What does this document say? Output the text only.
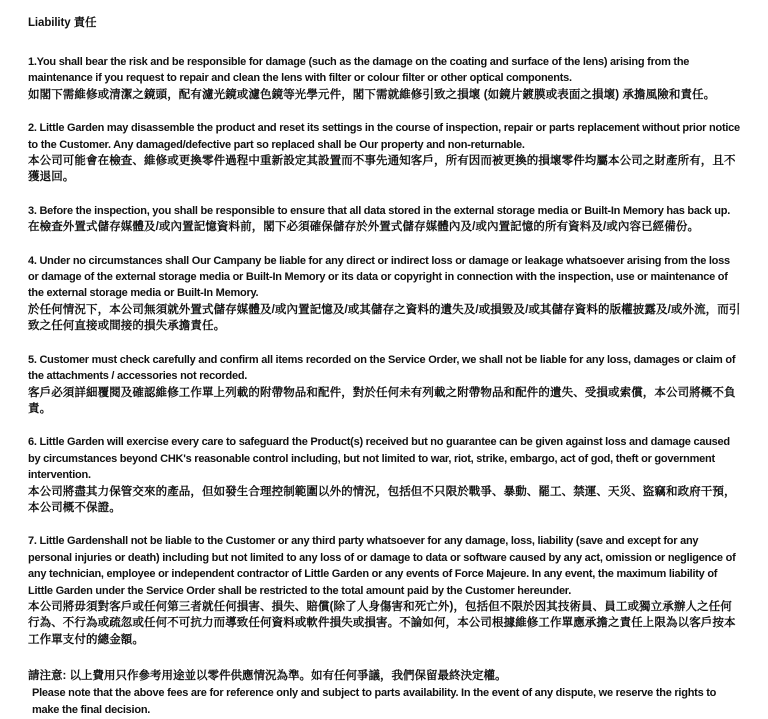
Liability 責任
1.You shall bear the risk and be responsible for damage (such as the damage on the coating and surface of the lens) arising from the maintenance if you request to repair and clean the lens with filter or colour filter or other optical components.
如閣下需維修或清潔之鏡頭，配有濾光鏡或濾色鏡等光學元件，閣下需就維修引致之損壞 (如鏡片鍍膜或表面之損壞) 承擔風險和責任。
2. Little Garden may disassemble the product and reset its settings in the course of inspection, repair or parts replacement without prior notice to the Customer. Any damaged/defective part so replaced shall be Our property and non-returnable.
本公司可能會在檢查、維修或更換零件過程中重新設定其設置而不事先通知客戶，所有因而被更換的損壞零件均屬本公司之財產所有，且不獲退回。
3. Before the inspection, you shall be responsible to ensure that all data stored in the external storage media or Built-In Memory has back up.
在檢查外置式儲存媒體及/或內置記憶資料前，閣下必須確保儲存於外置式儲存媒體內及/或內置記憶的所有資料及/或內容已經備份。
4. Under no circumstances shall Our Campany be liable for any direct or indirect loss or damage or leakage whatsoever arising from the loss or damage of the external storage media or Built-In Memory or its data or copyright in connection with the inspection, use or maintenance of the external storage media or Built-In Memory.
於任何情況下，本公司無須就外置式儲存媒體及/或內置記憶及/或其儲存之資料的遺失及/或損毀及/或其儲存資料的版權披露及/或外流，而引致之任何直接或間接的損失承擔責任。
5. Customer must check carefully and confirm all items recorded on the Service Order, we shall not be liable for any loss, damages or claim of the attachments / accessories not recorded.
客戶必須詳細覆閱及確認維修工作單上列載的附帶物品和配件，對於任何未有列載之附帶物品和配件的遺失、受損或索償，本公司將概不負責。
6. Little Garden will exercise every care to safeguard the Product(s) received but no guarantee can be given against loss and damage caused by circumstances beyond CHK's reasonable control including, but not limited to war, riot, strike, embargo, act of god, theft or government intervention.
本公司將盡其力保管交來的產品，但如發生合理控制範圍以外的情況，包括但不只限於戰爭、暴動、罷工、禁運、天災、盜竊和政府干預，本公司概不保證。
7. Little Gardenshall not be liable to the Customer or any third party whatsoever for any damage, loss, liability (save and except for any personal injuries or death) including but not limited to any loss of or damage to data or software caused by any act, omission or negligence of any technician, employee or independent contractor of Little Garden or any events of Force Majeure. In any event, the maximum liability of Little Garden under the Service Order shall be restricted to the total amount paid by the Customer hereunder.
本公司將毋須對客戶或任何第三者就任何損害、損失、賠償(除了人身傷害和死亡外)，包括但不限於因其技術員、員工或獨立承辦人之任何行為、不行為或疏忽或任何不可抗力而導致任何資料或軟件損失或損害。不論如何，本公司根據維修工作單應承擔之責任上限為以客戶按本工作單支付的總金額。
請注意: 以上費用只作參考用途並以零件供應情況為準。如有任何爭議，我們保留最終決定權。
Please note that the above fees are for reference only and subject to parts availability. In the event of any dispute, we reserve the rights to make the final decision.
